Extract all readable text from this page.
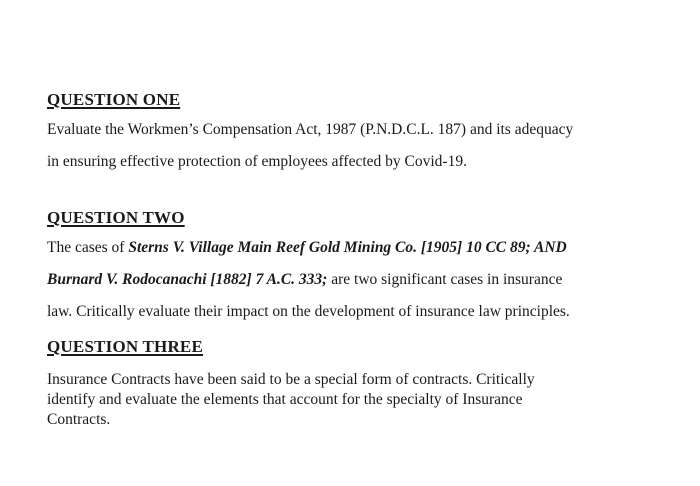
QUESTION ONE
Evaluate the Workmen’s Compensation Act, 1987 (P.N.D.C.L. 187) and its adequacy
in ensuring effective protection of employees affected by Covid-19.
QUESTION TWO
The cases of Sterns V. Village Main Reef Gold Mining Co. [1905] 10 CC 89; AND
Burnard V. Rodocanachi [1882] 7 A.C. 333; are two significant cases in insurance
law. Critically evaluate their impact on the development of insurance law principles.
QUESTION THREE
Insurance Contracts have been said to be a special form of contracts. Critically
identify and evaluate the elements that account for the specialty of Insurance
Contracts.
